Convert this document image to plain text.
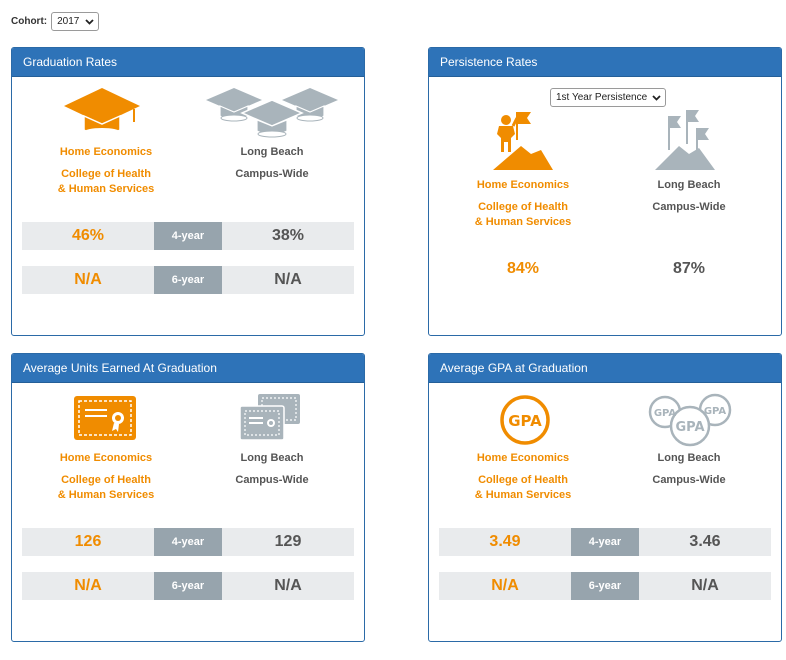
Cohort: 2017
Graduation Rates
Home Economics
College of Health & Human Services
Long Beach
Campus-Wide
46%	4-year	38%
N/A	6-year	N/A
Persistence Rates
1st Year Persistence
Home Economics
College of Health & Human Services
Long Beach
Campus-Wide
84%	87%
Average Units Earned At Graduation
Home Economics
College of Health & Human Services
Long Beach
Campus-Wide
126	4-year	129
N/A	6-year	N/A
Average GPA at Graduation
GPA	GPA	GPA
GPA
Home Economics
College of Health & Human Services
Long Beach
Campus-Wide
3.49	4-year	3.46
N/A	6-year	N/A
